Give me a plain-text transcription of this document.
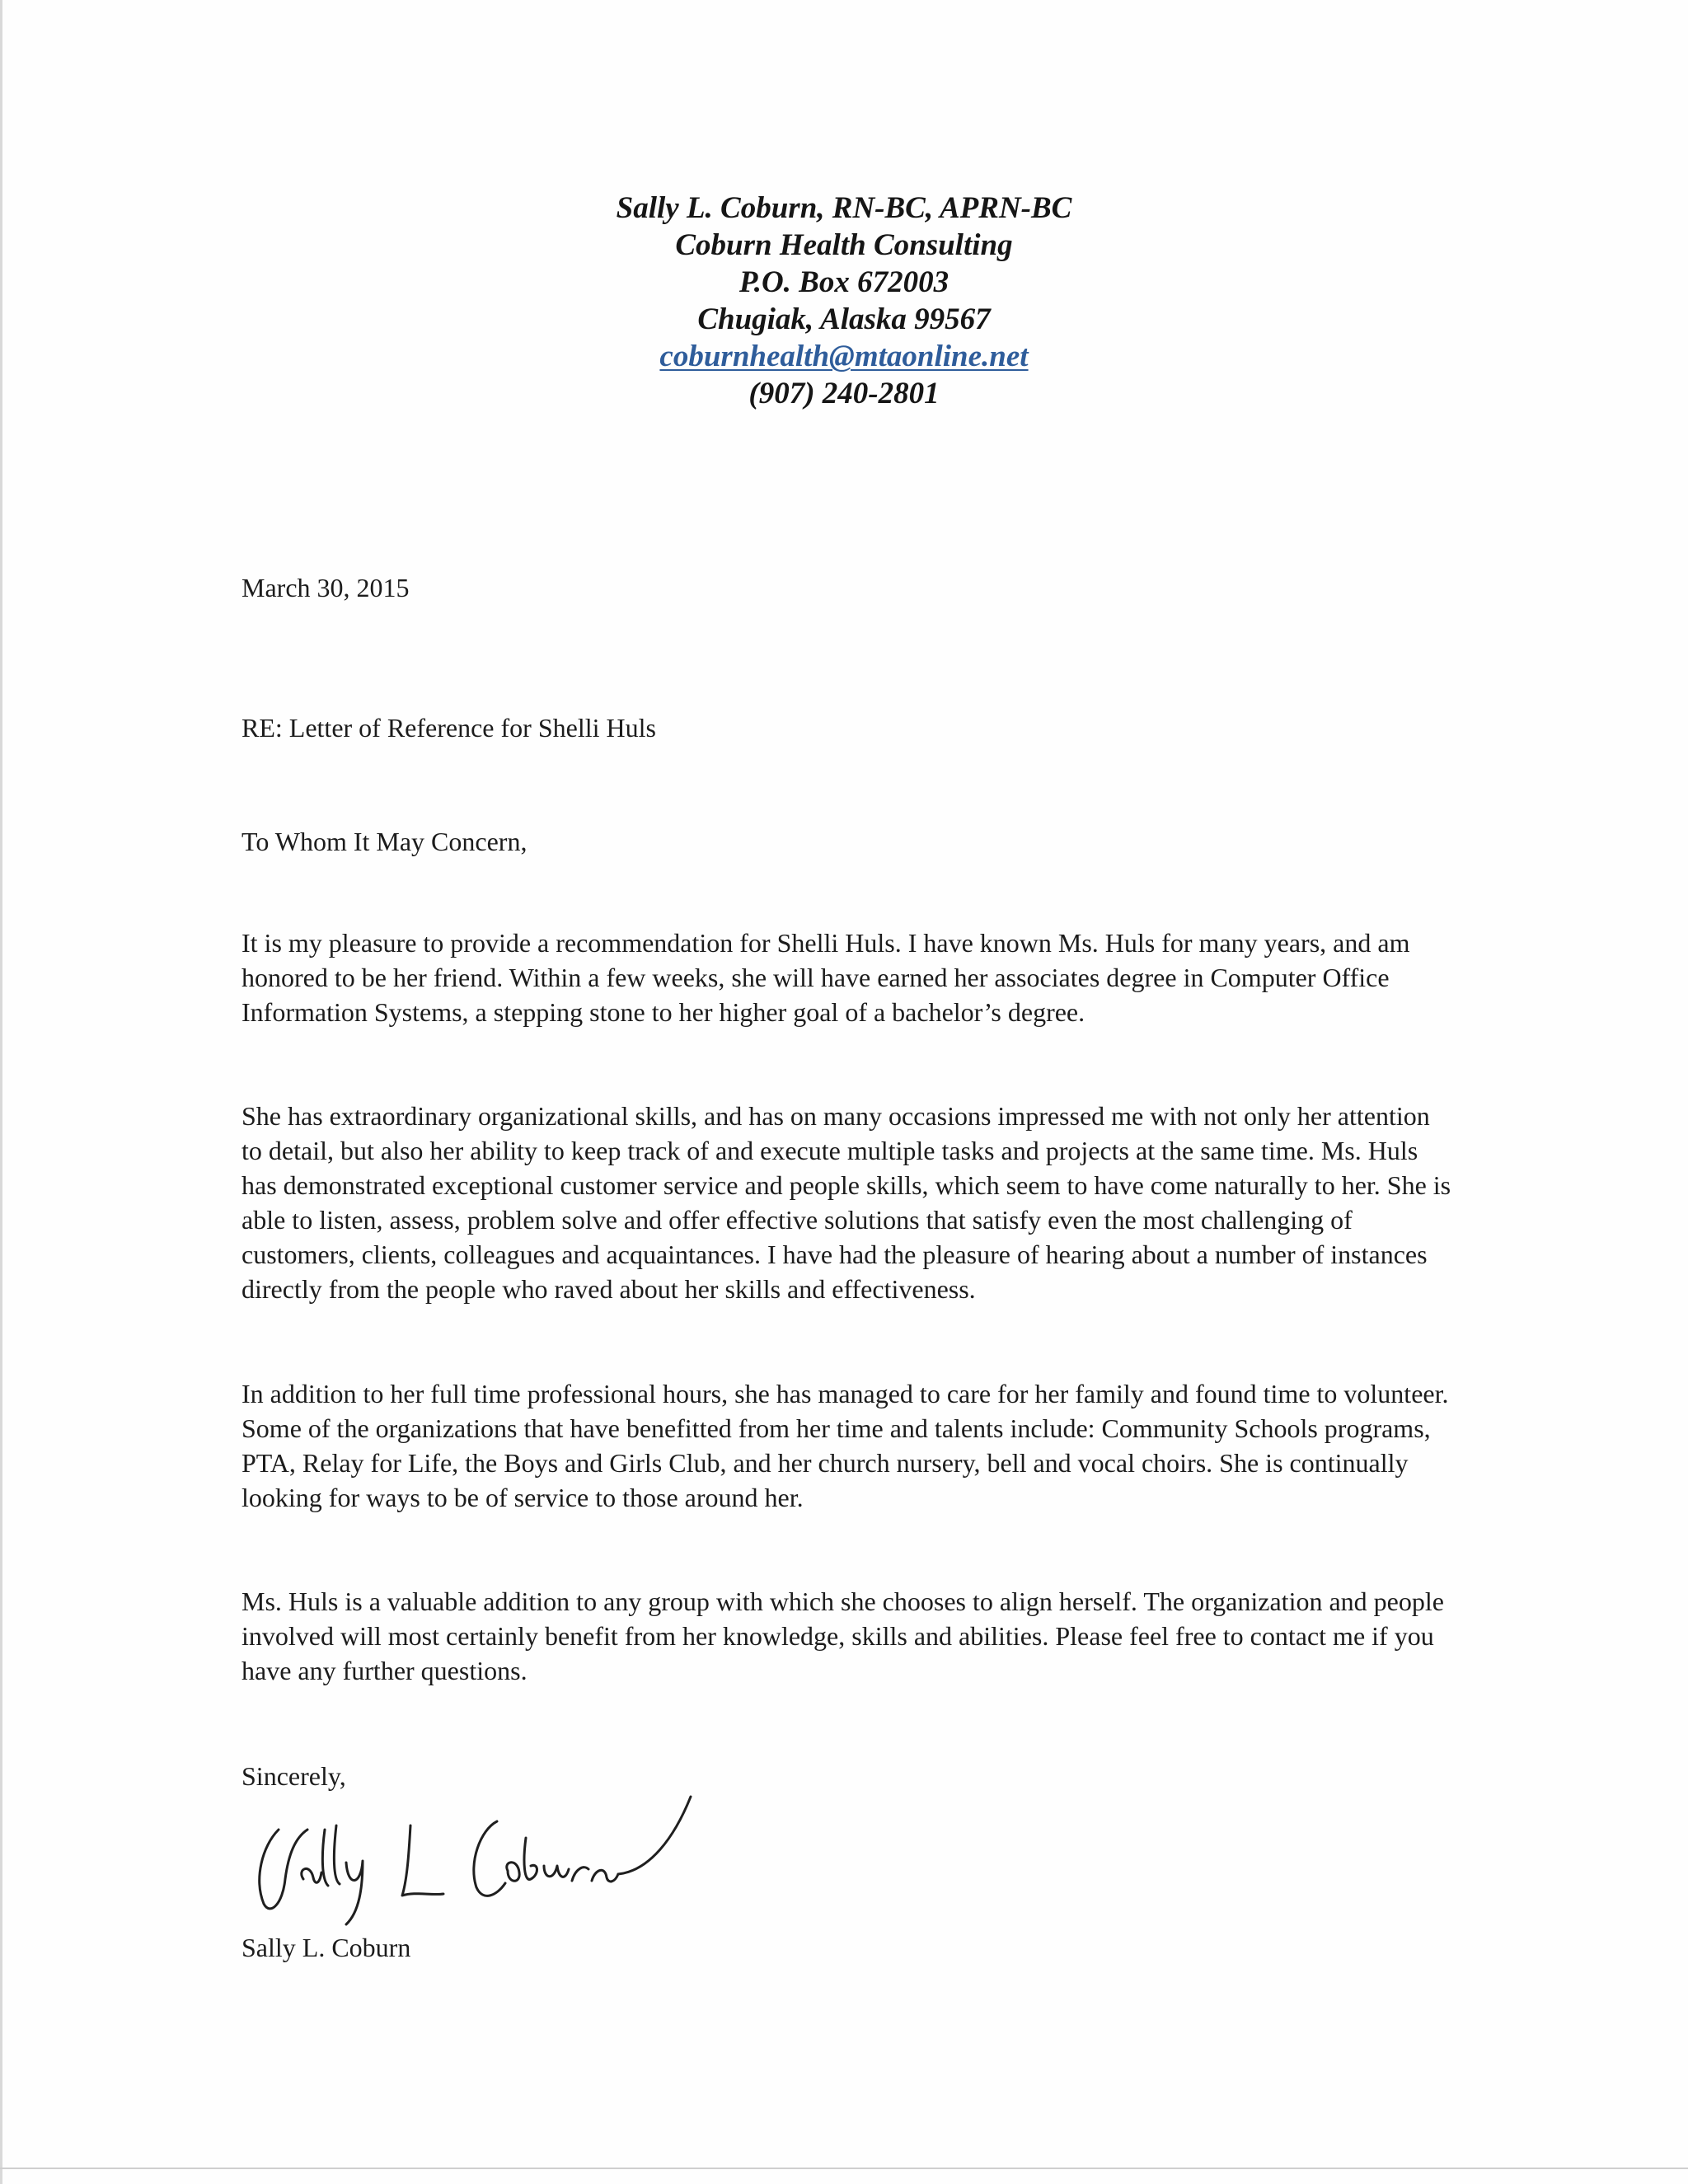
Sally L. Coburn, RN-BC, APRN-BC
Coburn Health Consulting
P.O. Box 672003
Chugiak, Alaska 99567
coburnhealth@mtaonline.net
(907) 240-2801
March 30, 2015
RE: Letter of Reference for Shelli Huls
To Whom It May Concern,

It is my pleasure to provide a recommendation for Shelli Huls. I have known Ms. Huls for many years, and am honored to be her friend. Within a few weeks, she will have earned her associates degree in Computer Office Information Systems, a stepping stone to her higher goal of a bachelor’s degree.

She has extraordinary organizational skills, and has on many occasions impressed me with not only her attention to detail, but also her ability to keep track of and execute multiple tasks and projects at the same time. Ms. Huls has demonstrated exceptional customer service and people skills, which seem to have come naturally to her. She is able to listen, assess, problem solve and offer effective solutions that satisfy even the most challenging of customers, clients, colleagues and acquaintances. I have had the pleasure of hearing about a number of instances directly from the people who raved about her skills and effectiveness.

In addition to her full time professional hours, she has managed to care for her family and found time to volunteer. Some of the organizations that have benefitted from her time and talents include: Community Schools programs, PTA, Relay for Life, the Boys and Girls Club, and her church nursery, bell and vocal choirs. She is continually looking for ways to be of service to those around her.

Ms. Huls is a valuable addition to any group with which she chooses to align herself. The organization and people involved will most certainly benefit from her knowledge, skills and abilities. Please feel free to contact me if you have any further questions.

Sincerely,
Sally L. Coburn
